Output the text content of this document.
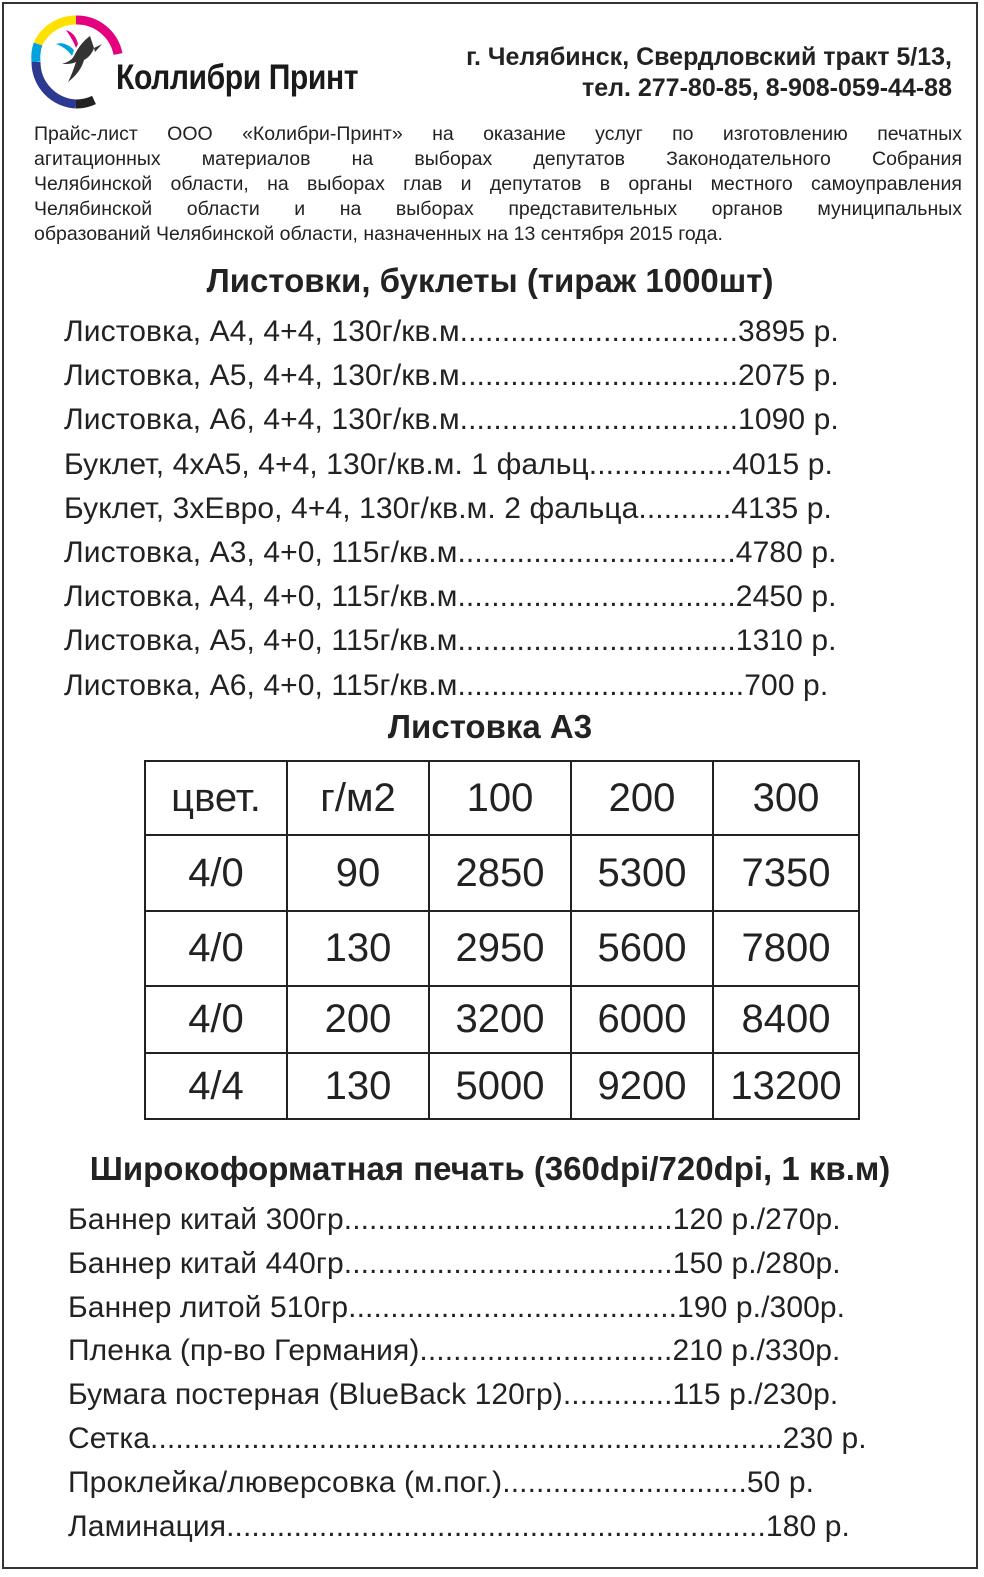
Коллибри Принт
г. Челябинск, Свердловский тракт 5/13,
тел. 277-80-85, 8-908-059-44-88
Прайс-лист ООО «Колибри-Принт» на оказание услуг по изготовлению печатных
агитационных материалов на выборах депутатов Законодательного Собрания
Челябинской области, на выборах глав и депутатов в органы местного самоуправления
Челябинской области и на выборах представительных органов муниципальных
образований Челябинской области, назначенных на 13 сентября 2015 года.
Листовки, буклеты (тираж 1000шт)
Листовка, А4, 4+4, 130г/кв.м.................................3895 р.
Листовка, А5, 4+4, 130г/кв.м.................................2075 р.
Листовка, А6, 4+4, 130г/кв.м.................................1090 р.
Буклет, 4хА5, 4+4, 130г/кв.м. 1 фальц.................4015 р.
Буклет, 3хЕвро, 4+4, 130г/кв.м. 2 фальца...........4135 р.
Листовка, А3, 4+0, 115г/кв.м.................................4780 р.
Листовка, А4, 4+0, 115г/кв.м.................................2450 р.
Листовка, А5, 4+0, 115г/кв.м.................................1310 р.
Листовка, А6, 4+0, 115г/кв.м..................................700 р.
Листовка А3
цвет.	г/м2	100	200	300
4/0	90	2850	5300	7350
4/0	130	2950	5600	7800
4/0	200	3200	6000	8400
4/4	130	5000	9200	13200
Широкоформатная печать (360dpi/720dpi, 1 кв.м)
Баннер китай 300гр.......................................120 р./270р.
Баннер китай 440гр.......................................150 р./280р.
Баннер литой 510гр.......................................190 р./300р.
Пленка (пр-во Германия)..............................210 р./330р.
Бумага постерная (BlueBack 120гр).............115 р./230р.
Сетка...........................................................................230 р.
Проклейка/люверсовка (м.пог.).............................50 р.
Ламинация................................................................180 р.
